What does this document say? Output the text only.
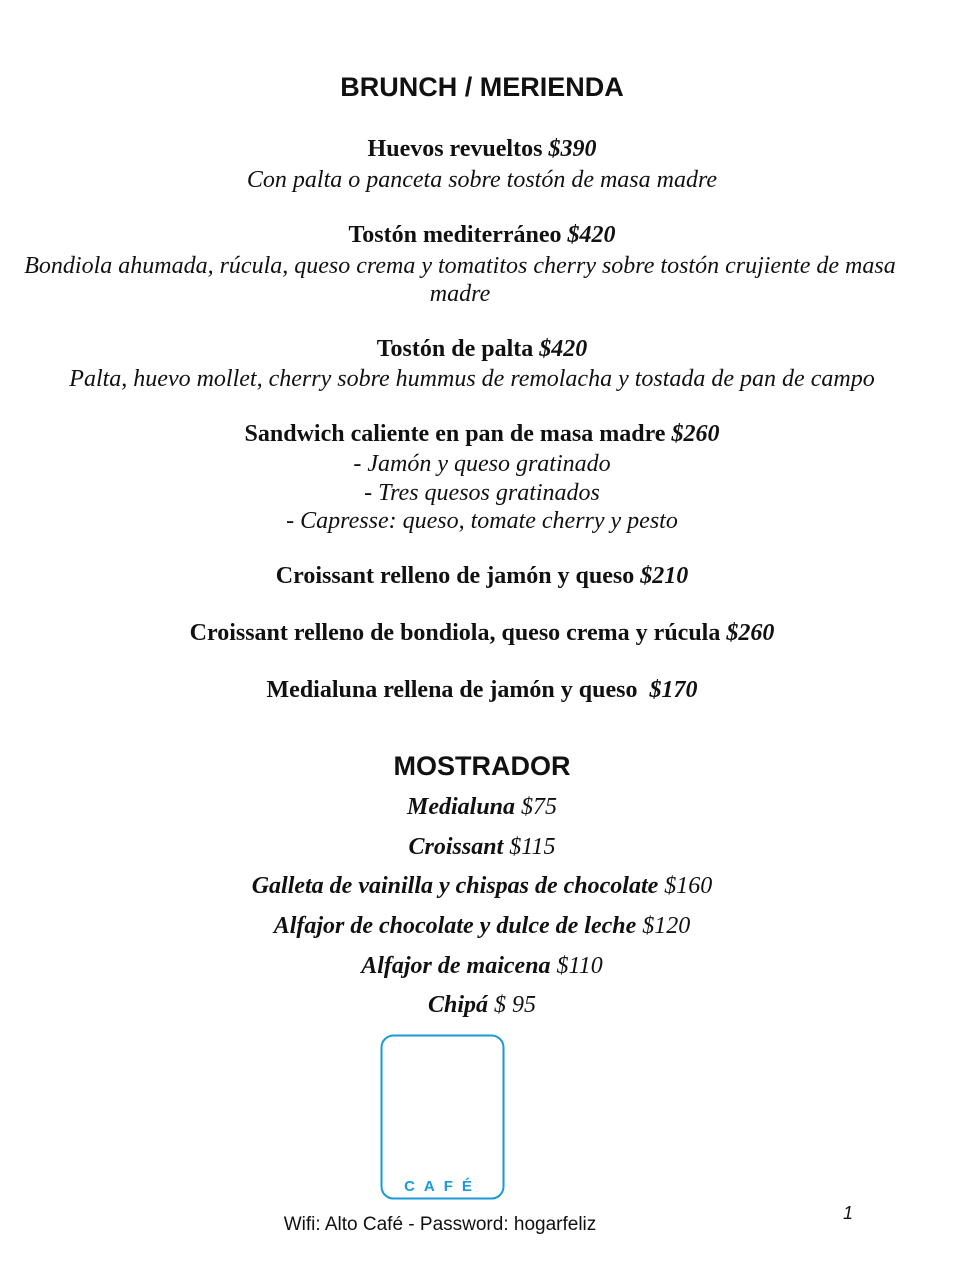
BRUNCH / MERIENDA
Huevos revueltos $390
Con palta o panceta sobre tostón de masa madre
Tostón mediterráneo $420
Bondiola ahumada, rúcula, queso crema y tomatitos cherry sobre tostón crujiente de masa madre
Tostón de palta $420
Palta, huevo mollet, cherry sobre hummus de remolacha y tostada de pan de campo
Sandwich caliente en pan de masa madre $260
- Jamón y queso gratinado
- Tres quesos gratinados
- Capresse: queso, tomate cherry y pesto
Croissant relleno de jamón y queso $210
Croissant relleno de bondiola, queso crema y rúcula $260
Medialuna rellena de jamón y queso $170
MOSTRADOR
Medialuna $75
Croissant $115
Galleta de vainilla y chispas de chocolate $160
Alfajor de chocolate y dulce de leche $120
Alfajor de maicena $110
Chipá $ 95
CAFÉ
Wifi: Alto Café - Password: hogarfeliz
1
